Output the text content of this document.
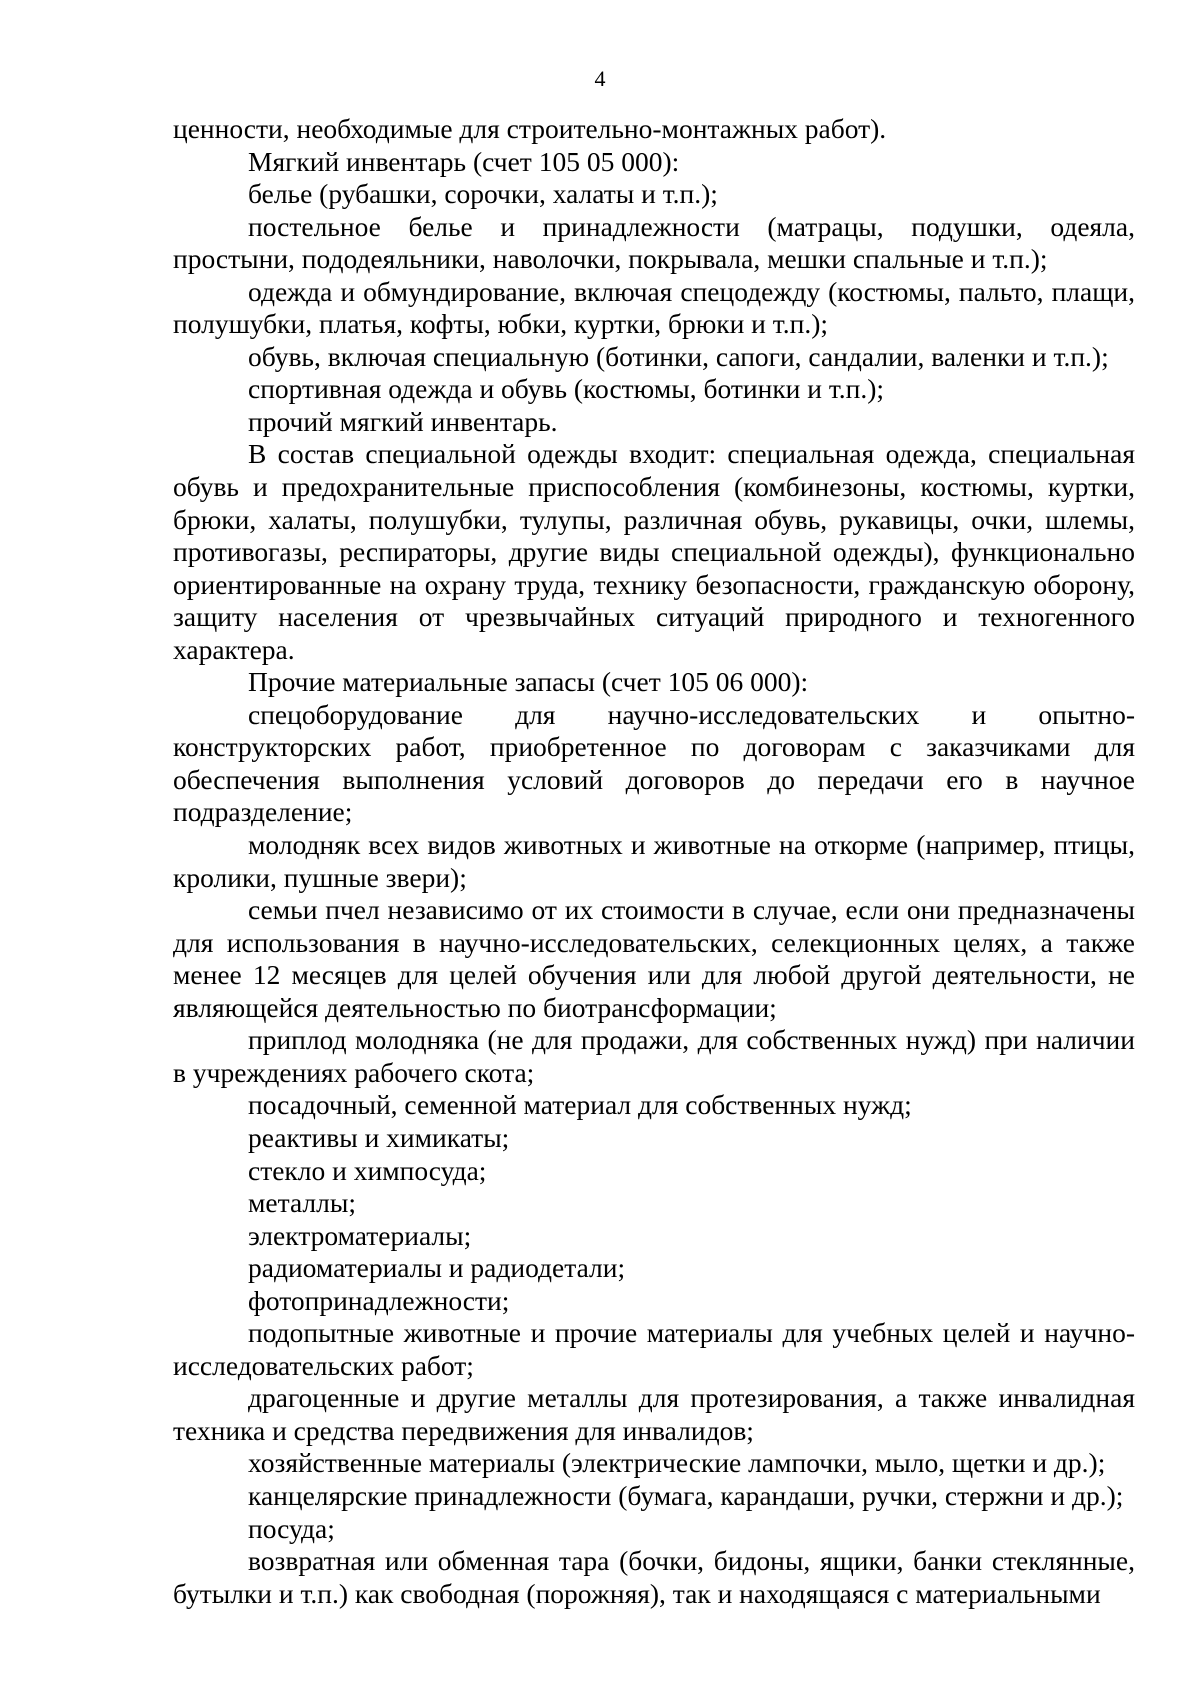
4

ценности, необходимые для строительно-монтажных работ).

Мягкий инвентарь (счет 105 05 000):

белье (рубашки, сорочки, халаты и т.п.);

постельное белье и принадлежности (матрацы, подушки, одеяла, простыни, пододеяльники, наволочки, покрывала, мешки спальные и т.п.);

одежда и обмундирование, включая спецодежду (костюмы, пальто, плащи, полушубки, платья, кофты, юбки, куртки, брюки и т.п.);

обувь, включая специальную (ботинки, сапоги, сандалии, валенки и т.п.);

спортивная одежда и обувь (костюмы, ботинки и т.п.);

прочий мягкий инвентарь.

В состав специальной одежды входит: специальная одежда, специальная обувь и предохранительные приспособления (комбинезоны, костюмы, куртки, брюки, халаты, полушубки, тулупы, различная обувь, рукавицы, очки, шлемы, противогазы, респираторы, другие виды специальной одежды), функционально ориентированные на охрану труда, технику безопасности, гражданскую оборону, защиту населения от чрезвычайных ситуаций природного и техногенного характера.

Прочие материальные запасы (счет 105 06 000):

спецоборудование для научно-исследовательских и опытно-конструкторских работ, приобретенное по договорам с заказчиками для обеспечения выполнения условий договоров до передачи его в научное подразделение;

молодняк всех видов животных и животные на откорме (например, птицы, кролики, пушные звери);

семьи пчел независимо от их стоимости в случае, если они предназначены для использования в научно-исследовательских, селекционных целях, а также менее 12 месяцев для целей обучения или для любой другой деятельности, не являющейся деятельностью по биотрансформации;

приплод молодняка (не для продажи, для собственных нужд) при наличии в учреждениях рабочего скота;

посадочный, семенной материал для собственных нужд;

реактивы и химикаты;

стекло и химпосуда;

металлы;

электроматериалы;

радиоматериалы и радиодетали;

фотопринадлежности;

подопытные животные и прочие материалы для учебных целей и научно-исследовательских работ;

драгоценные и другие металлы для протезирования, а также инвалидная техника и средства передвижения для инвалидов;

хозяйственные материалы (электрические лампочки, мыло, щетки и др.);

канцелярские принадлежности (бумага, карандаши, ручки, стержни и др.);

посуда;

возвратная или обменная тара (бочки, бидоны, ящики, банки стеклянные, бутылки и т.п.) как свободная (порожняя), так и находящаяся с материальными
